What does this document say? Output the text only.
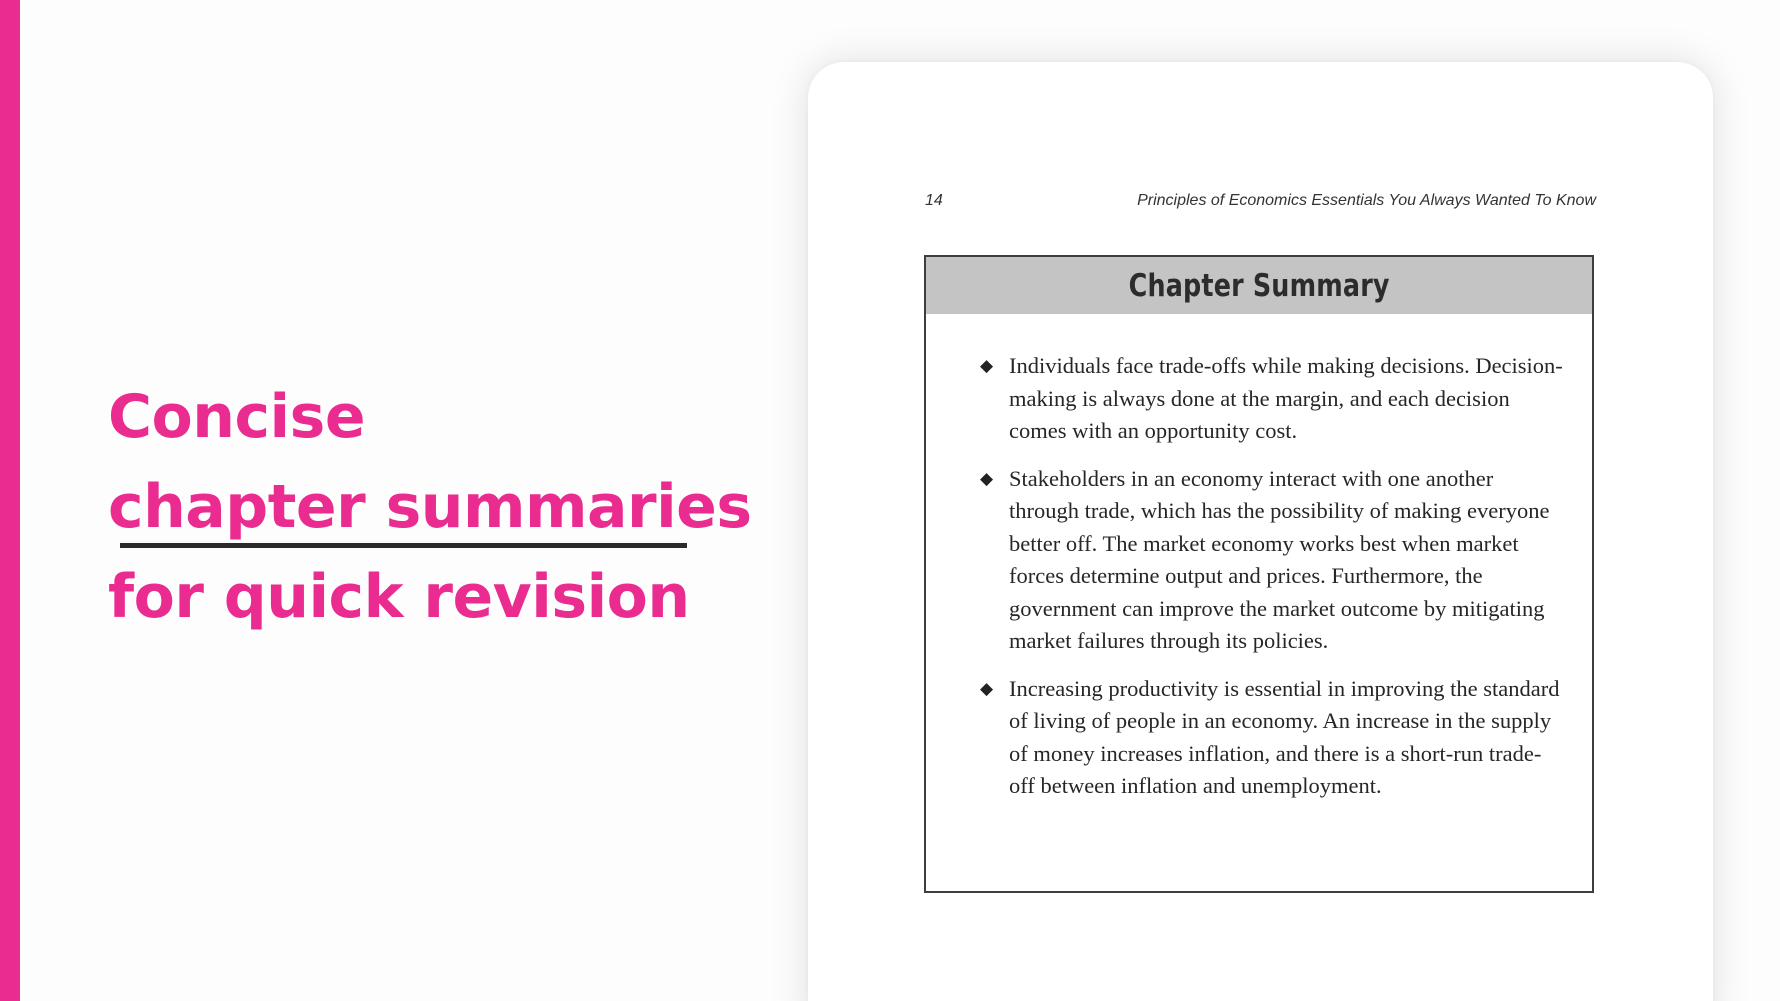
Concise
chapter summaries
for quick revision
14	Principles of Economics Essentials You Always Wanted To Know
Chapter Summary
◆ Individuals face trade-offs while making decisions. Decision-making is always done at the margin, and each decision comes with an opportunity cost.
◆ Stakeholders in an economy interact with one another through trade, which has the possibility of making everyone better off. The market economy works best when market forces determine output and prices. Furthermore, the government can improve the market outcome by mitigating market failures through its policies.
◆ Increasing productivity is essential in improving the standard of living of people in an economy. An increase in the supply of money increases inflation, and there is a short-run trade-off between inflation and unemployment.
